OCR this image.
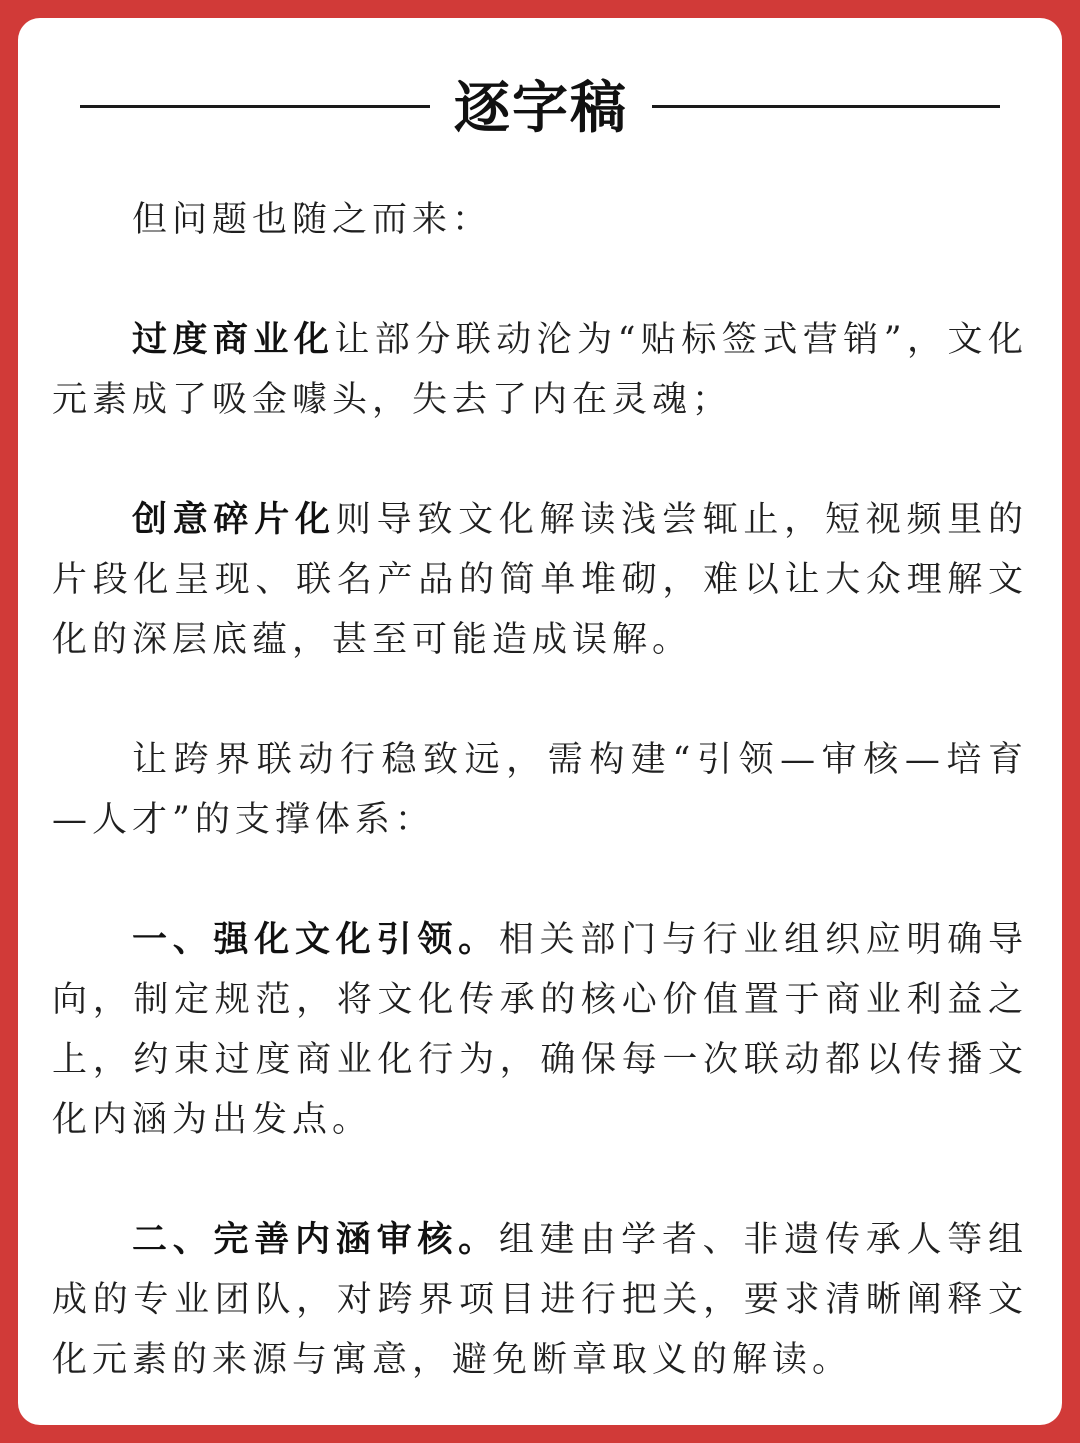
逐字稿

但问题也随之而来：

过度商业化让部分联动沦为“贴标签式营销”，文化元素成了吸金噱头，失去了内在灵魂；

创意碎片化则导致文化解读浅尝辄止，短视频里的片段化呈现、联名产品的简单堆砌，难以让大众理解文化的深层底蕴，甚至可能造成误解。

让跨界联动行稳致远，需构建“引领—审核—培育—人才”的支撑体系：

一、强化文化引领。相关部门与行业组织应明确导向，制定规范，将文化传承的核心价值置于商业利益之上，约束过度商业化行为，确保每一次联动都以传播文化内涵为出发点。

二、完善内涵审核。组建由学者、非遗传承人等组成的专业团队，对跨界项目进行把关，要求清晰阐释文化元素的来源与寓意，避免断章取义的解读。
